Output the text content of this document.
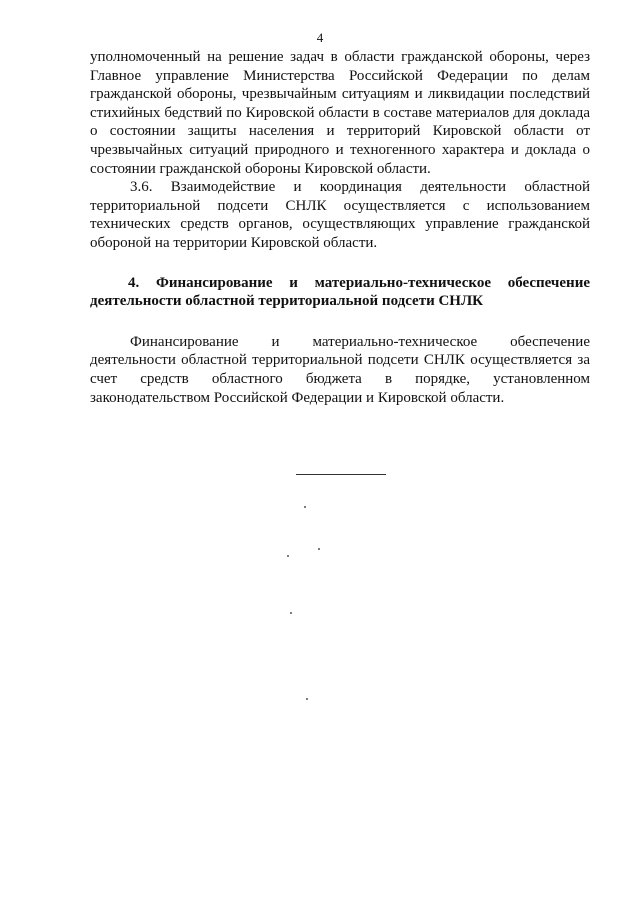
4

уполномоченный на решение задач в области гражданской обороны, через Главное управление Министерства Российской Федерации по делам гражданской обороны, чрезвычайным ситуациям и ликвидации последствий стихийных бедствий по Кировской области в составе материалов для доклада о состоянии защиты населения и территорий Кировской области от чрезвычайных ситуаций природного и техногенного характера и доклада о состоянии гражданской обороны Кировской области.

3.6. Взаимодействие и координация деятельности областной территориальной подсети СНЛК осуществляется с использованием технических средств органов, осуществляющих управление гражданской обороной на территории Кировской области.

4. Финансирование и материально-техническое обеспечение деятельности областной территориальной подсети СНЛК

Финансирование и материально-техническое обеспечение деятельности областной территориальной подсети СНЛК осуществляется за счет средств областного бюджета в порядке, установленном законодательством Российской Федерации и Кировской области.
